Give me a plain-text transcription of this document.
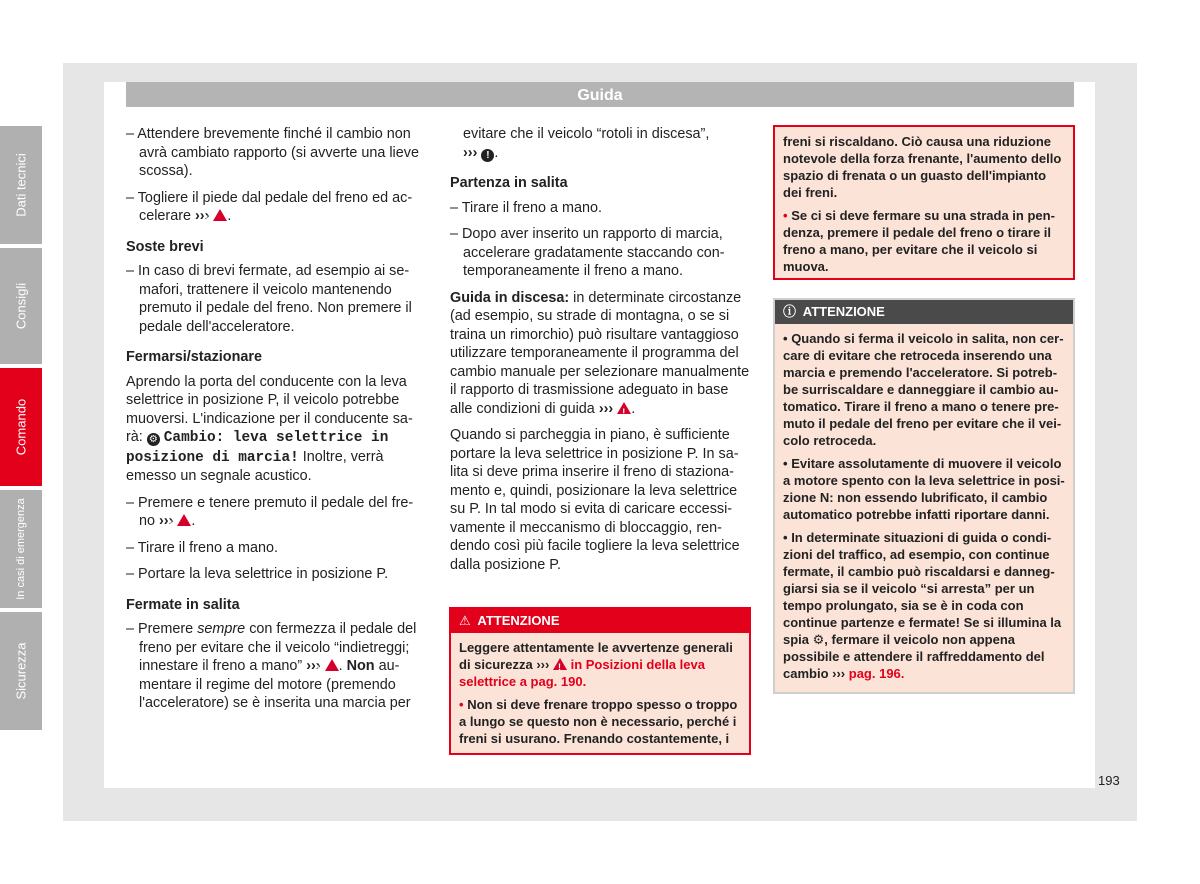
Guida

– Attendere brevemente finché il cambio non avrà cambiato rapporto (si avverte una lieve scossa).

– Togliere il piede dal pedale del freno ed accelerare ››› ! .

Soste brevi

– In caso di brevi fermate, ad esempio ai semafori, trattenere il veicolo mantenendo premuto il pedale del freno. Non premere il pedale dell'acceleratore.

Fermarsi/stazionare

Aprendo la porta del conducente con la leva selettrice in posizione P, il veicolo potrebbe muoversi. L'indicazione per il conducente sarà: ⚙ Cambio: leva selettrice in posizione di marcia! Inoltre, verrà emesso un segnale acustico.

– Premere e tenere premuto il pedale del freno ››› ! .

– Tirare il freno a mano.

– Portare la leva selettrice in posizione P.

Fermate in salita

– Premere sempre con fermezza il pedale del freno per evitare che il veicolo “indietreggi; innestare il freno a mano” ››› ! . Non aumentare il regime del motore (premendo l'acceleratore) se è inserita una marcia per

evitare che il veicolo “rotoli in discesa”,
››› ! .

Partenza in salita

– Tirare il freno a mano.

– Dopo aver inserito un rapporto di marcia, accelerare gradatamente staccando contemporaneamente il freno a mano.

Guida in discesa: in determinate circostanze (ad esempio, su strade di montagna, o se si traina un rimorchio) può risultare vantaggioso utilizzare temporaneamente il programma del cambio manuale per selezionare manualmente il rapporto di trasmissione adeguato in base alle condizioni di guida ››› ! .

Quando si parcheggia in piano, è sufficiente portare la leva selettrice in posizione P. In salita si deve prima inserire il freno di stazionamento e, quindi, posizionare la leva selettrice su P. In tal modo si evita di caricare eccessivamente il meccanismo di bloccaggio, rendendo così più facile togliere la leva selettrice dalla posizione P.

⚠ ATTENZIONE

Leggere attentamente le avvertenze generali di sicurezza ››› ! in Posizioni della leva selettrice a pag. 190.

• Non si deve frenare troppo spesso o troppo a lungo se questo non è necessario, perché i freni si usurano. Frenando costantemente, i

freni si riscaldano. Ciò causa una riduzione notevole della forza frenante, l'aumento dello spazio di frenata o un guasto dell'impianto dei freni.

• Se ci si deve fermare su una strada in pendenza, premere il pedale del freno o tirare il freno a mano, per evitare che il veicolo si muova.

ⓘ ATTENZIONE

• Quando si ferma il veicolo in salita, non cercare di evitare che retroceda inserendo una marcia e premendo l'acceleratore. Si potrebbe surriscaldare e danneggiare il cambio automatico. Tirare il freno a mano o tenere premuto il pedale del freno per evitare che il veicolo retroceda.

• Evitare assolutamente di muovere il veicolo a motore spento con la leva selettrice in posizione N: non essendo lubrificato, il cambio automatico potrebbe infatti riportare danni.

• In determinate situazioni di guida o condizioni del traffico, ad esempio, con continue fermate, il cambio può riscaldarsi e danneggiarsi sia se il veicolo “si arresta” per un tempo prolungato, sia se è in coda con continue partenze e fermate! Se si illumina la spia ⚙, fermare il veicolo non appena possibile e attendere il raffreddamento del cambio ››› pag. 196.

Dati tecnici
Consigli
Comando
In casi di emergenza
Sicurezza
193
